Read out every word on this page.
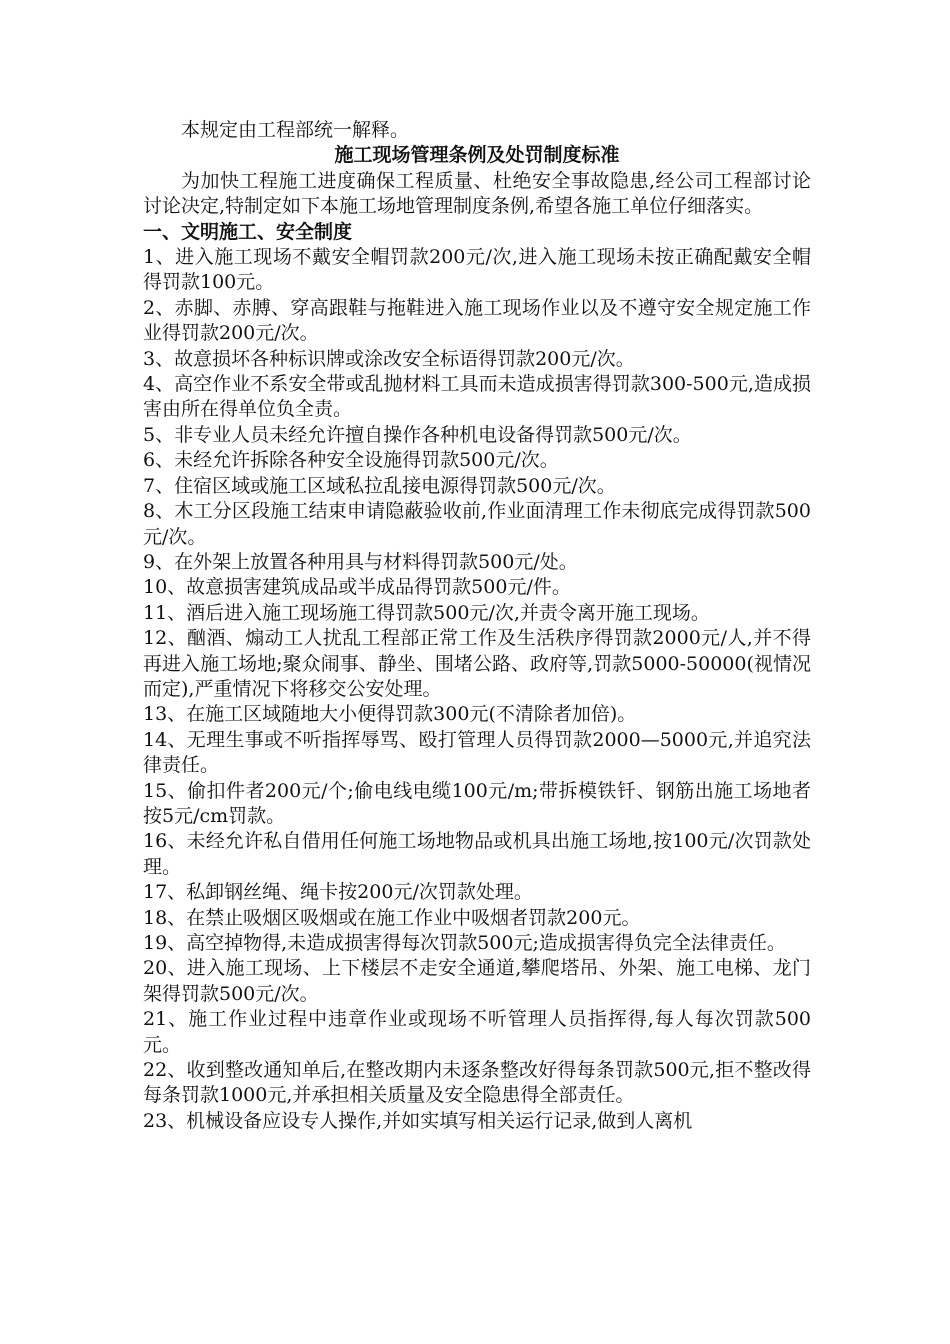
本规定由工程部统一解释。

施工现场管理条例及处罚制度标准

为加快工程施工进度确保工程质量、杜绝安全事故隐患,经公司工程部讨论讨论决定,特制定如下本施工场地管理制度条例,希望各施工单位仔细落实。

一、文明施工、安全制度

1、进入施工现场不戴安全帽罚款200元/次,进入施工现场未按正确配戴安全帽得罚款100元。

2、赤脚、赤膊、穿高跟鞋与拖鞋进入施工现场作业以及不遵守安全规定施工作业得罚款200元/次。

3、故意损坏各种标识牌或涂改安全标语得罚款200元/次。

4、高空作业不系安全带或乱抛材料工具而未造成损害得罚款300-500元,造成损害由所在得单位负全责。

5、非专业人员未经允许擅自操作各种机电设备得罚款500元/次。

6、未经允许拆除各种安全设施得罚款500元/次。

7、住宿区域或施工区域私拉乱接电源得罚款500元/次。

8、木工分区段施工结束申请隐蔽验收前,作业面清理工作未彻底完成得罚款500元/次。

9、在外架上放置各种用具与材料得罚款500元/处。

10、故意损害建筑成品或半成品得罚款500元/件。

11、酒后进入施工现场施工得罚款500元/次,并责令离开施工现场。

12、酗酒、煽动工人扰乱工程部正常工作及生活秩序得罚款2000元/人,并不得再进入施工场地;聚众闹事、静坐、围堵公路、政府等,罚款5000-50000(视情况而定),严重情况下将移交公安处理。

13、在施工区域随地大小便得罚款300元(不清除者加倍)。

14、无理生事或不听指挥辱骂、殴打管理人员得罚款2000—5000元,并追究法律责任。

15、偷扣件者200元/个;偷电线电缆100元/m;带拆模铁钎、钢筋出施工场地者按5元/cm罚款。

16、未经允许私自借用任何施工场地物品或机具出施工场地,按100元/次罚款处理。

17、私卸钢丝绳、绳卡按200元/次罚款处理。

18、在禁止吸烟区吸烟或在施工作业中吸烟者罚款200元。

19、高空掉物得,未造成损害得每次罚款500元;造成损害得负完全法律责任。

20、进入施工现场、上下楼层不走安全通道,攀爬塔吊、外架、施工电梯、龙门架得罚款500元/次。

21、施工作业过程中违章作业或现场不听管理人员指挥得,每人每次罚款500元。

22、收到整改通知单后,在整改期内未逐条整改好得每条罚款500元,拒不整改得每条罚款1000元,并承担相关质量及安全隐患得全部责任。

23、机械设备应设专人操作,并如实填写相关运行记录,做到人离机
